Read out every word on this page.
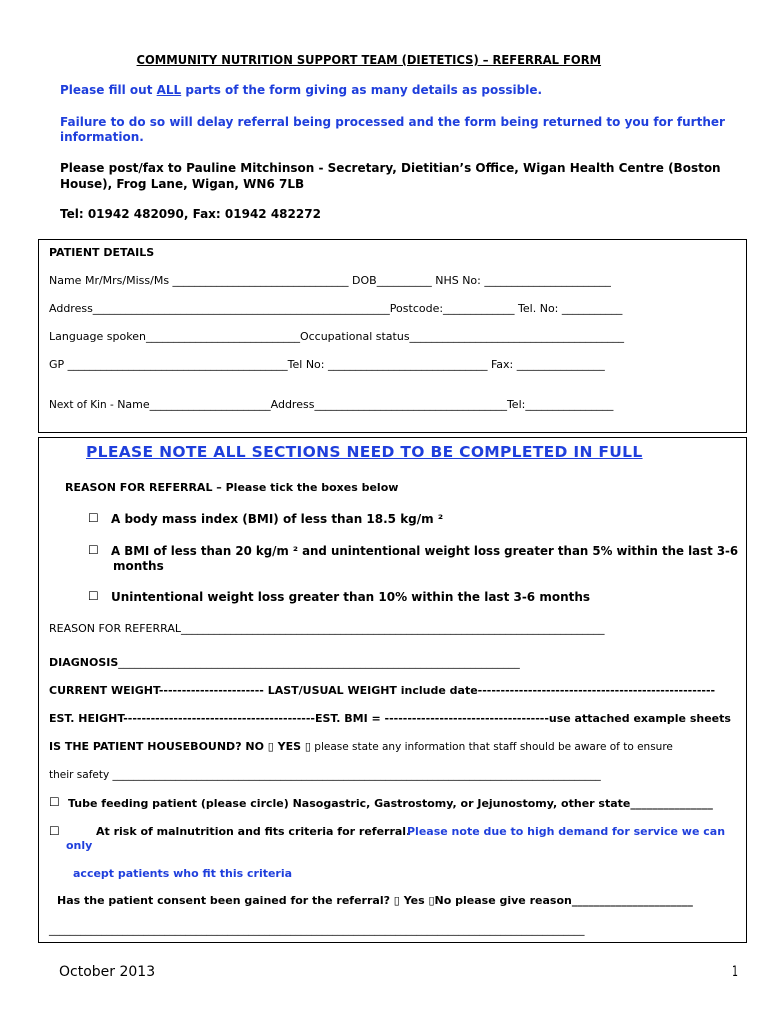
COMMUNITY NUTRITION SUPPORT TEAM (DIETETICS) – REFERRAL FORM
Please fill out ALL parts of the form giving as many details as possible.
Failure to do so will delay referral being processed and the form being returned to you for further
information.
Please post/fax to Pauline Mitchinson - Secretary, Dietitian’s Office, Wigan Health Centre (Boston
House), Frog Lane, Wigan, WN6 7LB
Tel: 01942 482090, Fax: 01942 482272
PATIENT DETAILS
Name Mr/Mrs/Miss/Ms ________________________________ DOB__________ NHS No: _______________________
Address______________________________________________________Postcode:_____________ Tel. No: ___________
Language spoken____________________________Occupational status_______________________________________
GP ________________________________________Tel No: _____________________________ Fax: ________________
Next of Kin - Name______________________Address___________________________________Tel:________________
PLEASE NOTE ALL SECTIONS NEED TO BE COMPLETED IN FULL
REASON FOR REFERRAL – Please tick the boxes below
☐ A body mass index (BMI) of less than 18.5 kg/m ²
☐ A BMI of less than 20 kg/m ² and unintentional weight loss greater than 5% within the last 3-6
months
☐ Unintentional weight loss greater than 10% within the last 3-6 months
REASON FOR REFERRAL_____________________________________________________________________________
DIAGNOSIS_________________________________________________________________________
CURRENT WEIGHT----------------------- LAST/USUAL WEIGHT include date----------------------------------------------------
EST. HEIGHT------------------------------------------EST. BMI = ------------------------------------use attached example sheets
IS THE PATIENT HOUSEBOUND? NO ▯ YES ▯ please state any information that staff should be aware of to ensure
their safety _____________________________________________________________________________________________
☐ Tube feeding patient (please circle) Nasogastric, Gastrostomy, or Jejunostomy, other state_______________
☐	At risk of malnutrition and fits criteria for referral.
Please note due to high demand for service we can
only
accept patients who fit this criteria
Has the patient consent been gained for the referral? ▯ Yes ▯No please give reason______________________
______________________________________________________________________________________________________
October 2013	1
